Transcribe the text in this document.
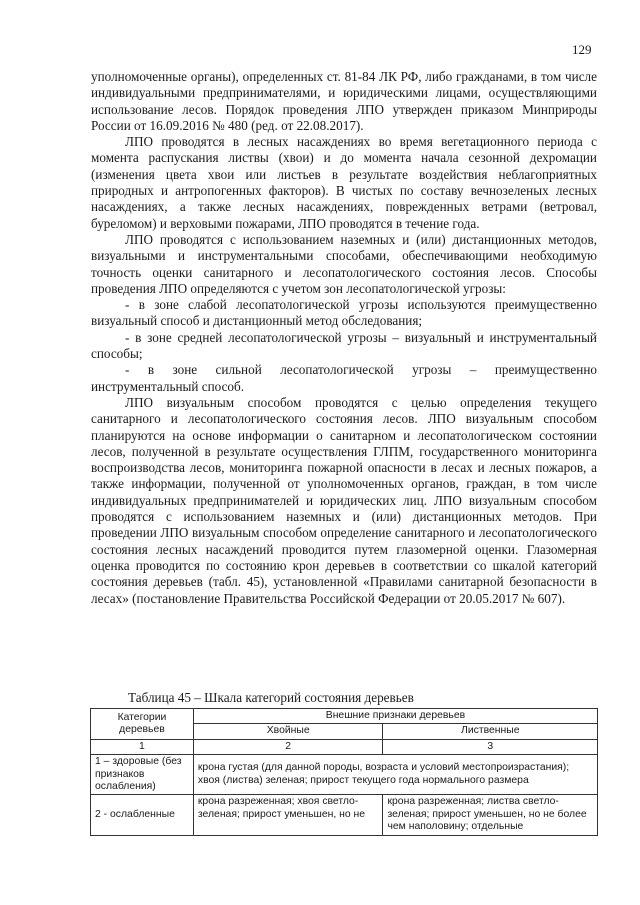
129

уполномоченные органы), определенных ст. 81-84 ЛК РФ, либо гражданами, в том числе индивидуальными предпринимателями, и юридическими лицами, осуществляющими использование лесов. Порядок проведения ЛПО утвержден приказом Минприроды России от 16.09.2016 № 480 (ред. от 22.08.2017).

ЛПО проводятся в лесных насаждениях во время вегетационного периода с момента распускания листвы (хвои) и до момента начала сезонной дехромации (изменения цвета хвои или листьев в результате воздействия неблагоприятных природных и антропогенных факторов). В чистых по составу вечнозеленых лесных насаждениях, а также лесных насаждениях, поврежденных ветрами (ветровал, буреломом) и верховыми пожарами, ЛПО проводятся в течение года.

ЛПО проводятся с использованием наземных и (или) дистанционных методов, визуальными и инструментальными способами, обеспечивающими необходимую точность оценки санитарного и лесопатологического состояния лесов. Способы проведения ЛПО определяются с учетом зон лесопатологической угрозы:

- в зоне слабой лесопатологической угрозы используются преимущественно визуальный способ и дистанционный метод обследования;

- в зоне средней лесопатологической угрозы – визуальный и инструментальный способы;

- в зоне сильной лесопатологической угрозы – преимущественно инструментальный способ.

ЛПО визуальным способом проводятся с целью определения текущего санитарного и лесопатологического состояния лесов. ЛПО визуальным способом планируются на основе информации о санитарном и лесопатологическом состоянии лесов, полученной в результате осуществления ГЛПМ, государственного мониторинга воспроизводства лесов, мониторинга пожарной опасности в лесах и лесных пожаров, а также информации, полученной от уполномоченных органов, граждан, в том числе индивидуальных предпринимателей и юридических лиц. ЛПО визуальным способом проводятся с использованием наземных и (или) дистанционных методов. При проведении ЛПО визуальным способом определение санитарного и лесопатологического состояния лесных насаждений проводится путем глазомерной оценки. Глазомерная оценка проводится по состоянию крон деревьев в соответствии со шкалой категорий состояния деревьев (табл. 45), установленной «Правилами санитарной безопасности в лесах» (постановление Правительства Российской Федерации от 20.05.2017 № 607).

Таблица 45 – Шкала категорий состояния деревьев
Категории деревьев	Внешние признаки деревьев	
	Хвойные	Лиственные
1	2	3
1 – здоровые (без признаков ослабления)	крона густая (для данной породы, возраста и условий местопроизрастания); хвоя (листва) зеленая; прирост текущего года нормального размера	
2 - ослабленные	крона разреженная; хвоя светло-зеленая; прирост уменьшен, но не	крона разреженная; листва светло-зеленая; прирост уменьшен, но не более чем наполовину; отдельные
